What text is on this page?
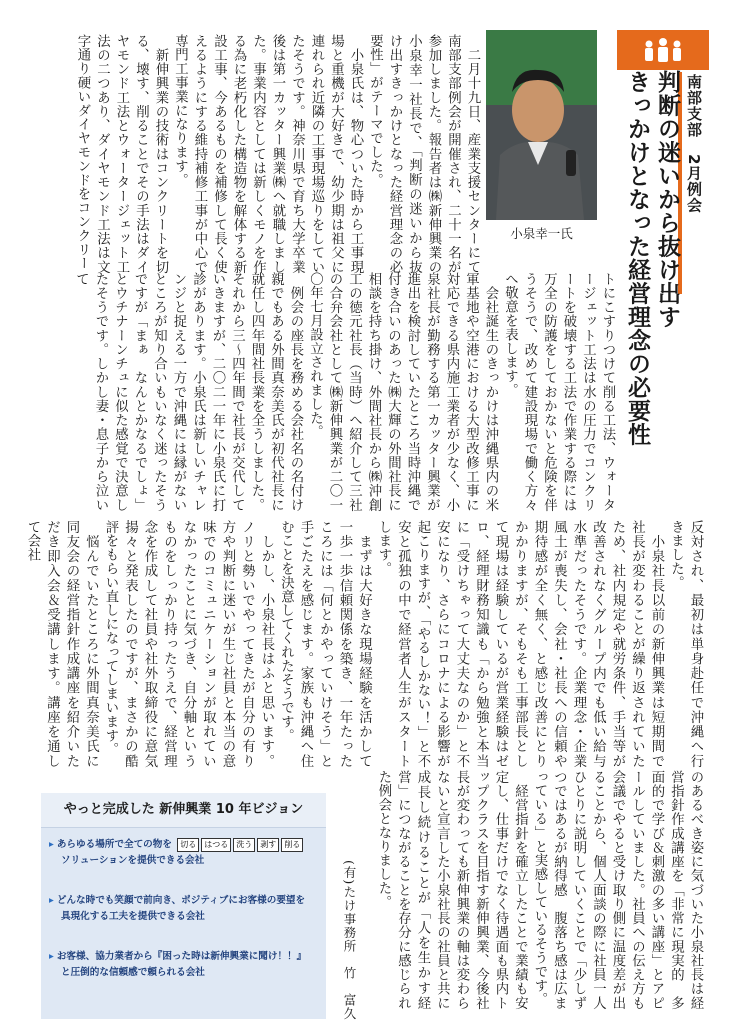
南部支部　2月例会
判断の迷いから抜け出す
きっかけとなった経営理念の必要性
小泉幸一氏
　二月十九日、産業支援センターにて南部支部例会が開催され、二十一名が参加しました。報告者は㈱新伸興業の小泉幸一社長で、「判断の迷いから抜け出すきっかけとなった経営理念の必要性」がテーマでした。
　小泉氏は、物心ついた時から工事現場と重機が大好きで、幼少期は祖父に連れられ近隣の工事現場巡りをしていたそうです。神奈川県で育ち大学卒業後は第一カッター興業㈱へ就職しました。事業内容としては新しくモノを作る為に老朽化した構造物を解体する新設工事、今あるものを補修して長く使えるようにする維持補修工事が中心で専門工事業になります。
　新伸興業の技術はコンクリートを切る、壊す、削ることでその手法はダイヤモンド工法とウォータージェット工法の二つあり、ダイヤモンド工法は文字通り硬いダイヤモンドをコンクリー
トにこすりつけて削る工法、ウォータージェット工法は水の圧力でコンクリートを破壊する工法で作業する際には万全の防護をしておかないと危険を伴うそうで、改めて建設現場で働く方々へ敬意を表します。
　会社誕生のきっかけは沖縄県内の米軍基地や空港における大型改修工事に対応できる県内施工業者が少なく、小泉社長が勤務する第一カッター興業が進出を検討していたところ当時沖縄で付き合いのあった㈱大輝の外間社長に相談を持ち掛け、外間社長から㈱沖創工の徳元社長（当時）へ紹介して三社の合弁会社として㈱新伸興業が二〇一〇年七月設立されました。
　例会の座長を務める会社名の名付け親でもある外間真奈美氏が初代社長に就任し四年間社長業を全うしました。それから三～四年間で社長が交代していきますが、二〇二一年に小泉氏に打診があります。小泉氏は新しいチャレンジと捉える一方で沖縄には縁がないところが知り合いもいなく迷ったそうですが「まぁ　なんとかなるでしょ」とウチナーンチュに似た感覚で決意したそうです。しかし妻・息子から泣いて
反対され、最初は単身赴任で沖縄へ行きました。
　小泉社長以前の新伸興業は短期間で社長が変わることが繰り返されていたため、社内規定や就労条件、手当等が改善されなくグループ内でも低い給与水準だったそうです。企業理念・企業風土が喪失し、会社・社長への信頼や期待感が全く無く、と感じ改善にとりかかりますが、そもそも工事部長として現場は経験しているが営業経験はゼロ、経理財務知識も「から勉強と本当に「受けちゃって大丈夫なのか」と不安になり、さらにコロナによる影響が起こりますが、「やるしかない！」と不安と孤独の中で経営者人生がスタートします。
　まずは大好きな現場経験を活かして一歩一歩信頼関係を築き、一年たったころには「何とかやっていけそう」と手ごたえを感じます。家族も沖縄へ住むことを決意してくれたそうです。
　しかし、小泉社長はふと思います。ノリと勢いでやってきたが自分の有り方や判断に迷いが生じ社員と本当の意味でのコミュニケーションが取れていなかったことに気づき、自分軸というものをしっかり持ったうえで、経営理念を作成して社員や社外取締役に意気揚々と発表したのですが、まさかの酷評をもらい直しになってしまいます。
　悩んでいたところに外間真奈美氏に同友会の経営指針作成講座を紹介いただき即入会＆受講します。講座を通して会社
のあるべき姿に気づいた小泉社長は経営指針作成講座を「非常に現実的　多面的で学び＆刺激の多い講座」とアピールしていました。社員への伝え方も会議でやると受け取り側に温度差が出ることから、個人面談の際に社員一人ひとりに説明していくことで「少しずつではあるが納得感　腹落ち感は広まっている」と実感しているそうです。
　経営指針を確立したことで業績も安定し、仕事だけでなく待遇面も県内トップクラスを目指す新伸興業、今後社長が変わっても新伸興業の軸は変わらないと宣言した小泉社長の社員と共に成長し続けることが「人を生かす経営」につながることを存分に感じられた例会となりました。
(有)たけ事務所　竹　富久
やっと完成した 新伸興業 10 年ビジョン
▸ あらゆる場所で全ての物を 切る はつる 洗う 剥す 削る
ソリューションを提供できる会社
▸ どんな時でも笑顔で前向き、ポジティブにお客様の要望を
具現化する工夫を提供できる会社
▸ お客様、協力業者から『困った時は新伸興業に聞け！！』
と圧倒的な信頼感で頼られる会社
